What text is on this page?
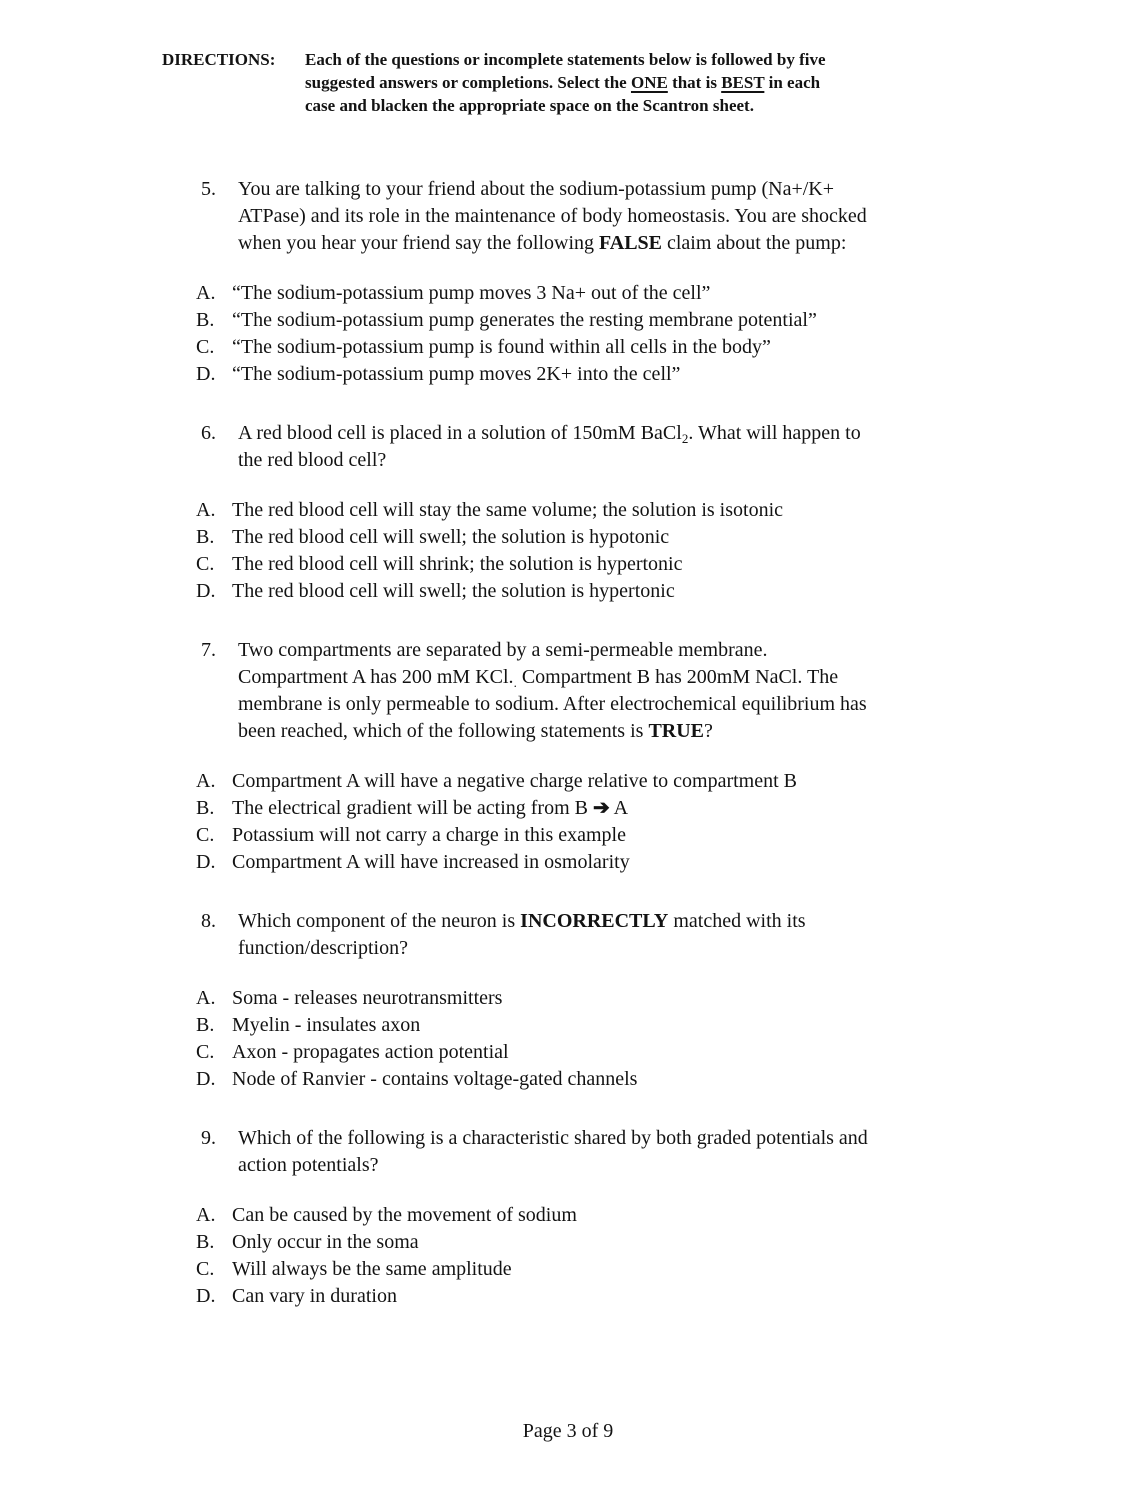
DIRECTIONS:	Each of the questions or incomplete statements below is followed by five
suggested answers or completions. Select the ONE that is BEST in each
case and blacken the appropriate space on the Scantron sheet.
5.	You are talking to your friend about the sodium-potassium pump (Na+/K+
ATPase) and its role in the maintenance of body homeostasis. You are shocked
when you hear your friend say the following FALSE claim about the pump:
A. “The sodium-potassium pump moves 3 Na+ out of the cell”
B. “The sodium-potassium pump generates the resting membrane potential”
C. “The sodium-potassium pump is found within all cells in the body”
D. “The sodium-potassium pump moves 2K+ into the cell”
6.	A red blood cell is placed in a solution of 150mM BaCl$_2$. What will happen to
the red blood cell?
A. The red blood cell will stay the same volume; the solution is isotonic
B. The red blood cell will swell; the solution is hypotonic
C. The red blood cell will shrink; the solution is hypertonic
D. The red blood cell will swell; the solution is hypertonic
7.	Two compartments are separated by a semi-permeable membrane.
Compartment A has 200 mM $KCl._.$ Compartment B has 200mM NaCl. The
membrane is only permeable to sodium. After electrochemical equilibrium has
been reached, which of the following statements is TRUE?
A. Compartment A will have a negative charge relative to compartment B
B. The electrical gradient will be acting from B ➔ A
C. Potassium will not carry a charge in this example
D. Compartment A will have increased in osmolarity
8.	Which component of the neuron is INCORRECTLY matched with its
function/description?
A. Soma - releases neurotransmitters
B. Myelin - insulates axon
C. Axon - propagates action potential
D. Node of Ranvier - contains voltage-gated channels
9.	Which of the following is a characteristic shared by both graded potentials and
action potentials?
A. Can be caused by the movement of sodium
B. Only occur in the soma
C. Will always be the same amplitude
D. Can vary in duration
Page 3 of 9
